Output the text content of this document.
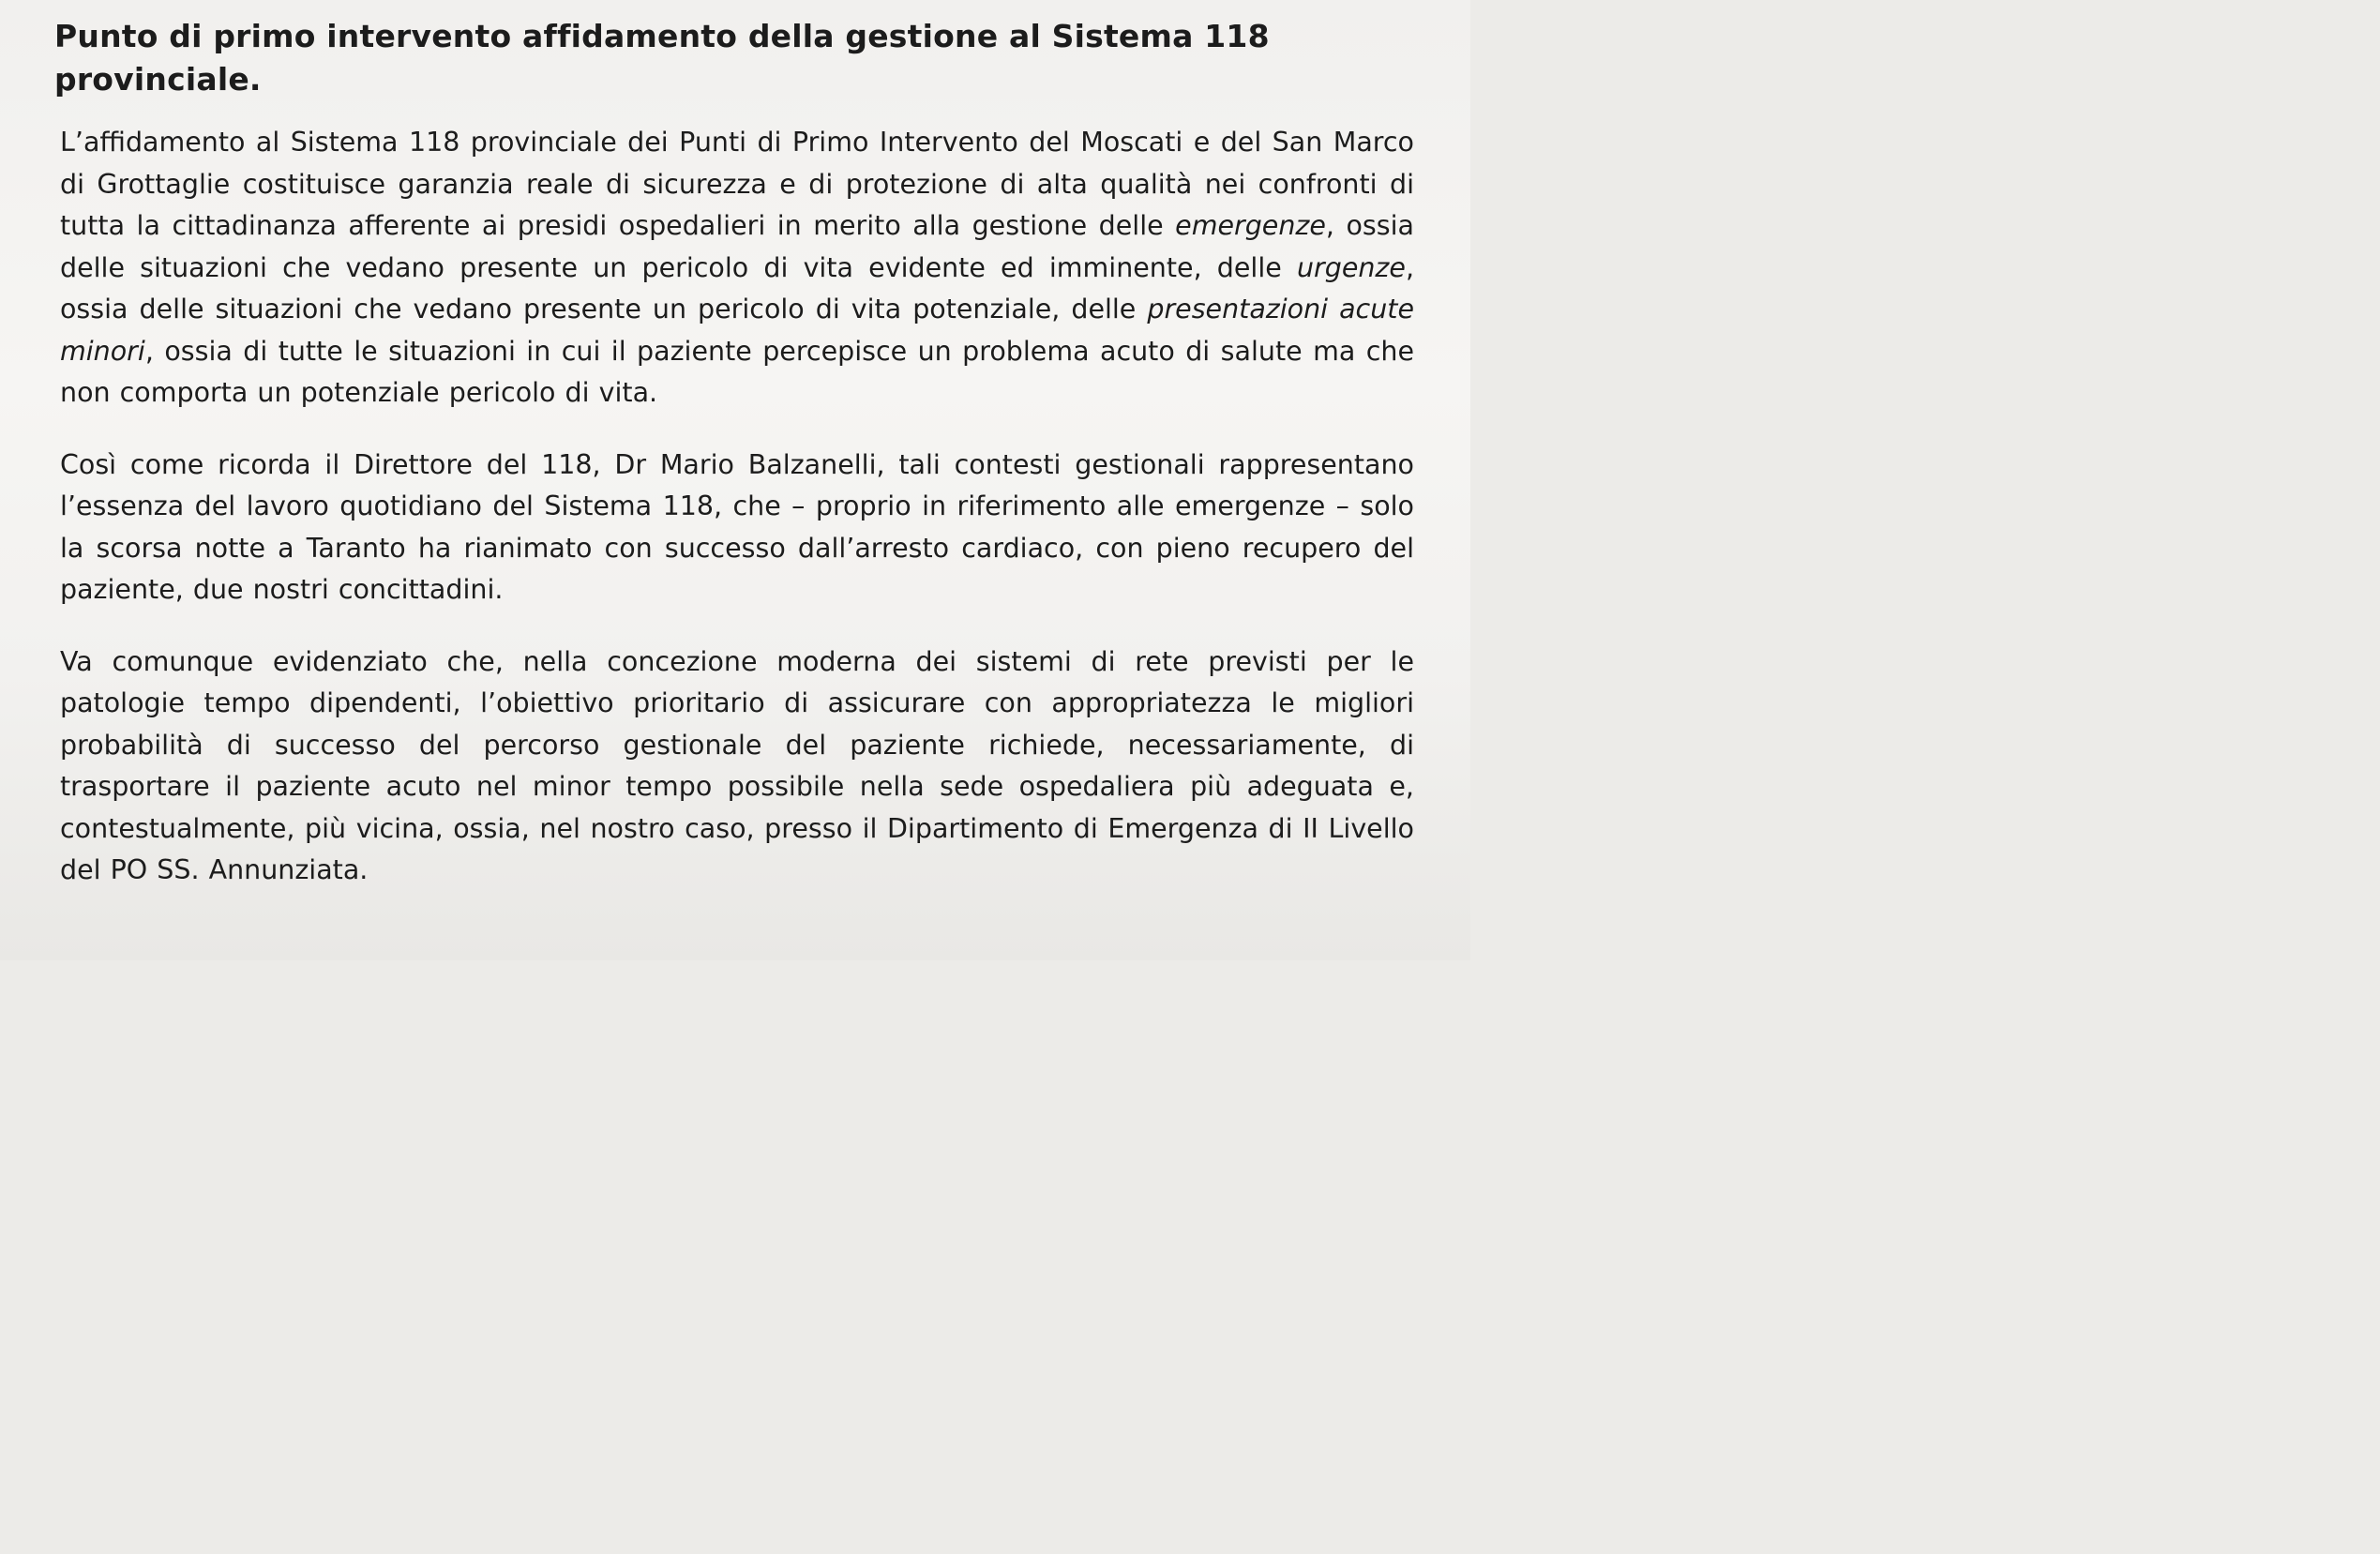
Punto di primo intervento affidamento della gestione al Sistema 118 provinciale.

L’affidamento al Sistema 118 provinciale dei Punti di Primo Intervento del Moscati e del San Marco di Grottaglie costituisce garanzia reale di sicurezza e di protezione di alta qualità nei confronti di tutta la cittadinanza afferente ai presidi ospedalieri in merito alla gestione delle emergenze, ossia delle situazioni che vedano presente un pericolo di vita evidente ed imminente, delle urgenze, ossia delle situazioni che vedano presente un pericolo di vita potenziale, delle presentazioni acute minori, ossia di tutte le situazioni in cui il paziente percepisce un problema acuto di salute ma che non comporta un potenziale pericolo di vita.

Così come ricorda il Direttore del 118, Dr Mario Balzanelli, tali contesti gestionali rappresentano l’essenza del lavoro quotidiano del Sistema 118, che – proprio in riferimento alle emergenze – solo la scorsa notte a Taranto ha rianimato con successo dall’arresto cardiaco, con pieno recupero del paziente, due nostri concittadini.

Va comunque evidenziato che, nella concezione moderna dei sistemi di rete previsti per le patologie tempo dipendenti, l’obiettivo prioritario di assicurare con appropriatezza le migliori probabilità di successo del percorso gestionale del paziente richiede, necessariamente, di trasportare il paziente acuto nel minor tempo possibile nella sede ospedaliera più adeguata e, contestualmente, più vicina, ossia, nel nostro caso, presso il Dipartimento di Emergenza di II Livello del PO SS. Annunziata.
